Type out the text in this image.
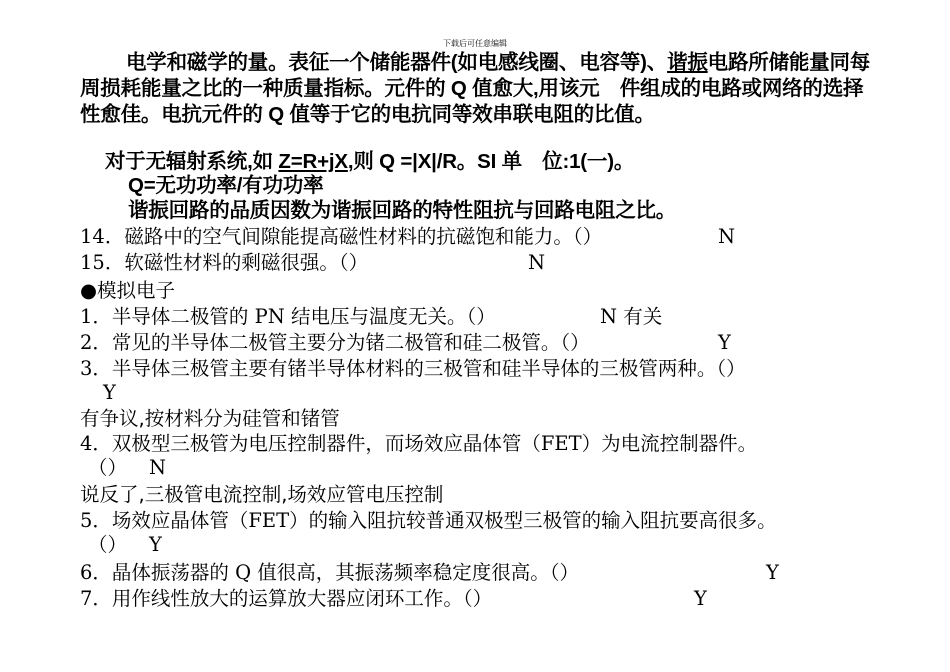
下载后可任意编辑
电学和磁学的量。表征一个储能器件(如电感线圈、电容等)、谐振电路所储能量同每周损耗能量之比的一种质量指标。元件的 Q 值愈大,用该元　件组成的电路或网络的选择性愈佳。电抗元件的 Q 值等于它的电抗同等效串联电阻的比值。
对于无辐射系统,如 Z=R+jX,则 Q =|X|/R。SI 单　位:1(一)。
Q=无功功率/有功功率
谐振回路的品质因数为谐振回路的特性阻抗与回路电阻之比。
14．磁路中的空气间隙能提高磁性材料的抗磁饱和能力。（）	N
15．软磁性材料的剩磁很强。（）	N
●模拟电子
1．半导体二极管的 PN 结电压与温度无关。（）	N 有关
2．常见的半导体二极管主要分为锗二极管和硅二极管。（）	Y
3．半导体三极管主要有锗半导体材料的三极管和硅半导体的三极管两种。（）
Y
有争议,按材料分为硅管和锗管
4．双极型三极管为电压控制器件，而场效应晶体管（FET）为电流控制器件。
（） N
说反了,三极管电流控制,场效应管电压控制
5．场效应晶体管（FET）的输入阻抗较普通双极型三极管的输入阻抗要高很多。
（） Y
6．晶体振荡器的 Q 值很高，其振荡频率稳定度很高。（）	Y
7．用作线性放大的运算放大器应闭环工作。（）	Y
